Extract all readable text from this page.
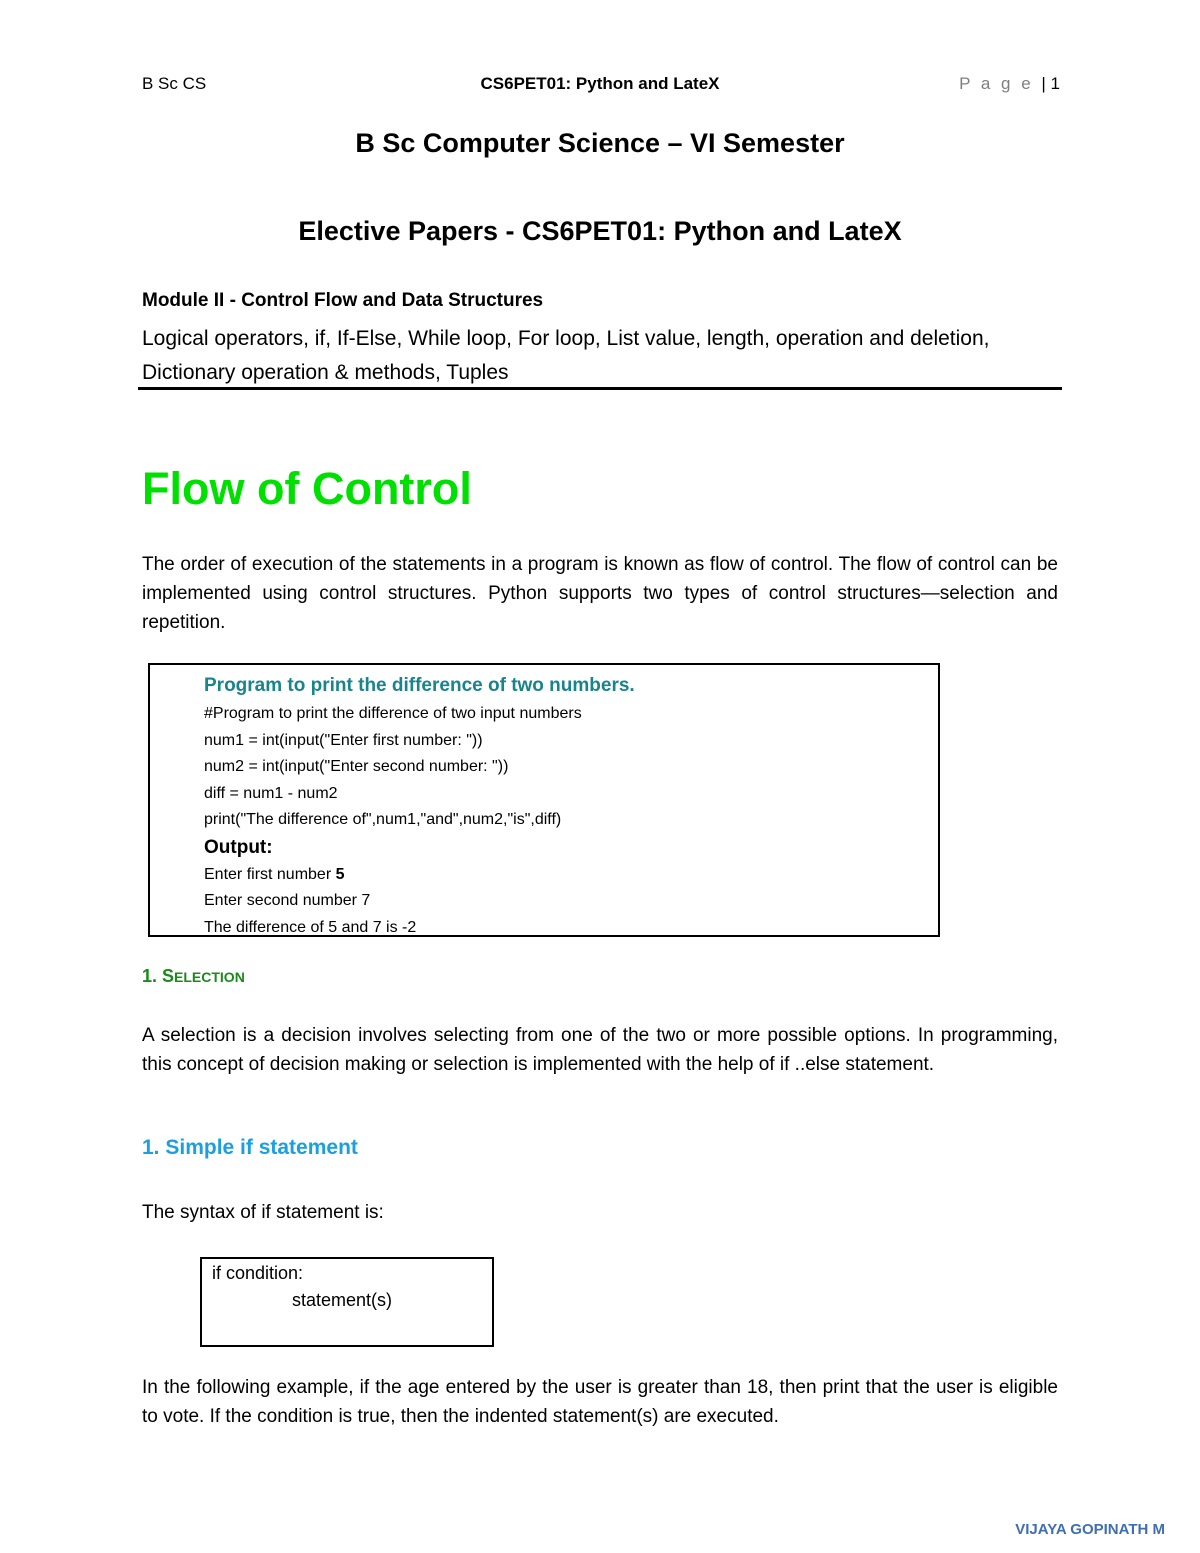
B Sc CS	CS6PET01: Python and LateX	P a g e | 1
B Sc Computer Science – VI Semester
Elective Papers - CS6PET01: Python and LateX
Module II - Control Flow and Data Structures
Logical operators, if, If-Else, While loop, For loop, List value, length, operation and deletion, Dictionary operation & methods, Tuples
Flow of Control
The order of execution of the statements in a program is known as flow of control. The flow of control can be implemented using control structures. Python supports two types of control structures—selection and repetition.
Program to print the difference of two numbers.
#Program to print the difference of two input numbers
num1 = int(input("Enter first number: "))
num2 = int(input("Enter second number: "))
diff = num1 - num2
print("The difference of",num1,"and",num2,"is",diff)
Output:
Enter first number 5
Enter second number 7
The difference of 5 and 7 is -2
1. SELECTION
A selection is a decision involves selecting from one of the two or more possible options. In programming, this concept of decision making or selection is implemented with the help of if ..else statement.
1. Simple if statement
The syntax of if statement is:
if condition:
statement(s)
In the following example, if the age entered by the user is greater than 18, then print that the user is eligible to vote. If the condition is true, then the indented statement(s) are executed.
VIJAYA GOPINATH M
